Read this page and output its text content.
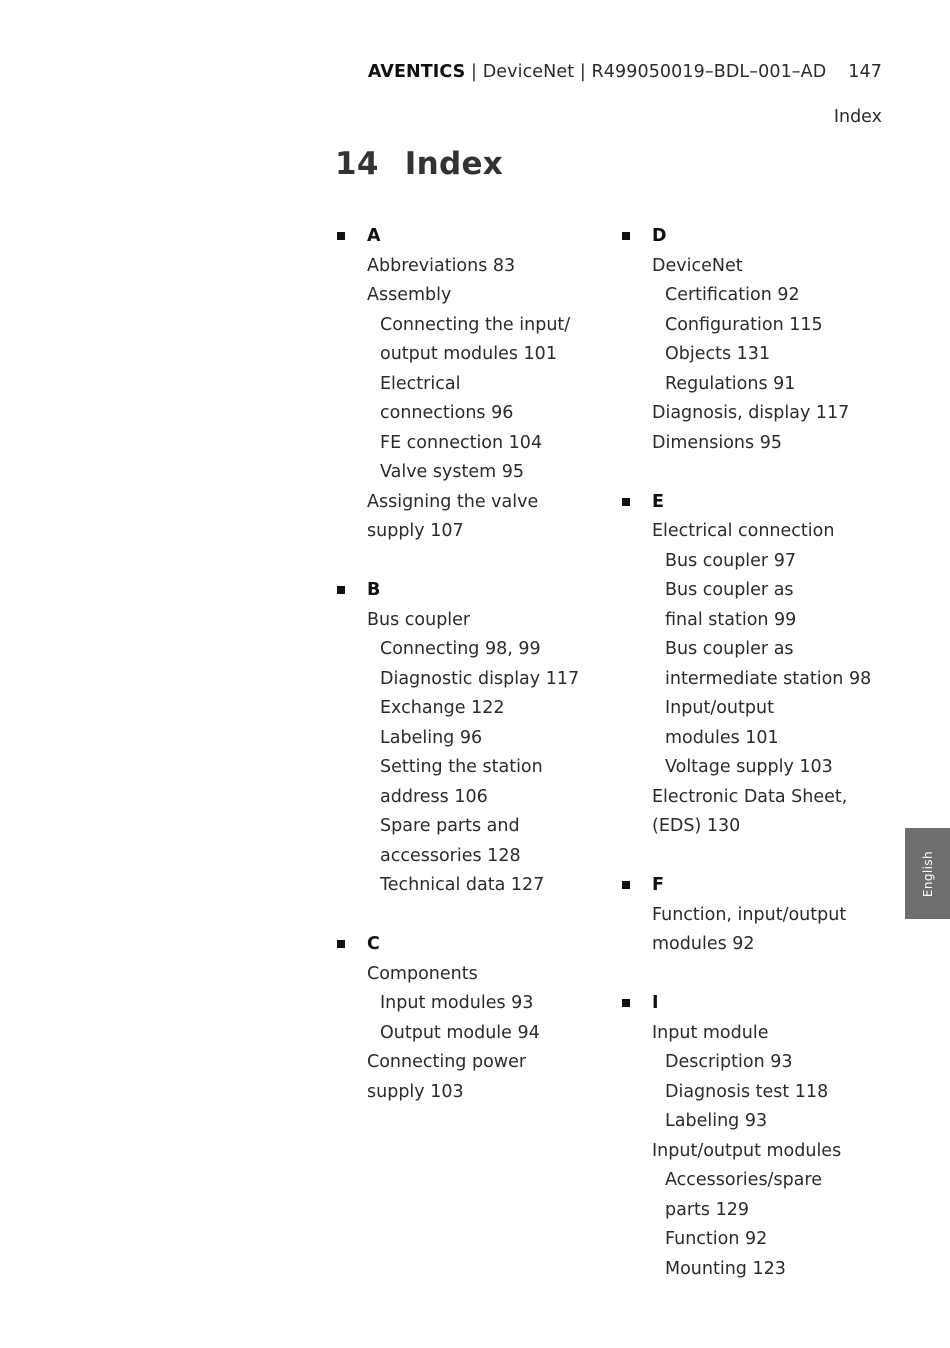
AVENTICS | DeviceNet | R499050019–BDL–001–AD 147
Index
14 Index
A
Abbreviations 83
Assembly
Connecting the input/
output modules 101
Electrical
connections 96
FE connection 104
Valve system 95
Assigning the valve
supply 107
B
Bus coupler
Connecting 98, 99
Diagnostic display 117
Exchange 122
Labeling 96
Setting the station
address 106
Spare parts and
accessories 128
Technical data 127
C
Components
Input modules 93
Output module 94
Connecting power
supply 103
D
DeviceNet
Certification 92
Configuration 115
Objects 131
Regulations 91
Diagnosis, display 117
Dimensions 95
E
Electrical connection
Bus coupler 97
Bus coupler as
final station 99
Bus coupler as
intermediate station 98
Input/output
modules 101
Voltage supply 103
Electronic Data Sheet,
(EDS) 130
F
Function, input/output
modules 92
I
Input module
Description 93
Diagnosis test 118
Labeling 93
Input/output modules
Accessories/spare
parts 129
Function 92
Mounting 123
English
